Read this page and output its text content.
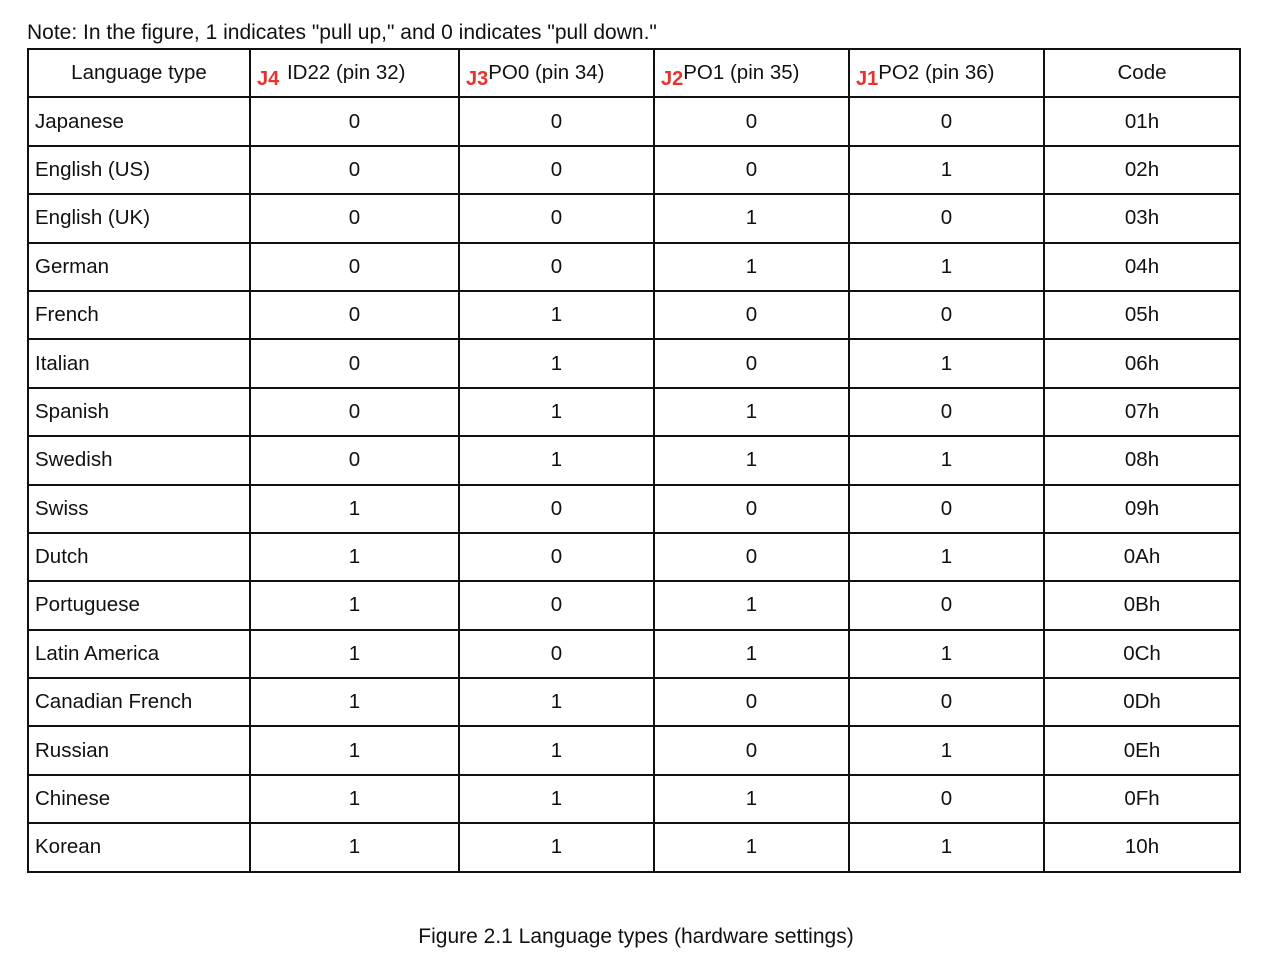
Note: In the figure, 1 indicates "pull up," and 0 indicates "pull down."
Language type	J4 ID22 (pin 32)	J3PO0 (pin 34)	J2PO1 (pin 35)	J1PO2 (pin 36)	Code
Japanese	0	0	0	0	01h
English (US)	0	0	0	1	02h
English (UK)	0	0	1	0	03h
German	0	0	1	1	04h
French	0	1	0	0	05h
Italian	0	1	0	1	06h
Spanish	0	1	1	0	07h
Swedish	0	1	1	1	08h
Swiss	1	0	0	0	09h
Dutch	1	0	0	1	0Ah
Portuguese	1	0	1	0	0Bh
Latin America	1	0	1	1	0Ch
Canadian French	1	1	0	0	0Dh
Russian	1	1	0	1	0Eh
Chinese	1	1	1	0	0Fh
Korean	1	1	1	1	10h
Figure 2.1 Language types (hardware settings)
